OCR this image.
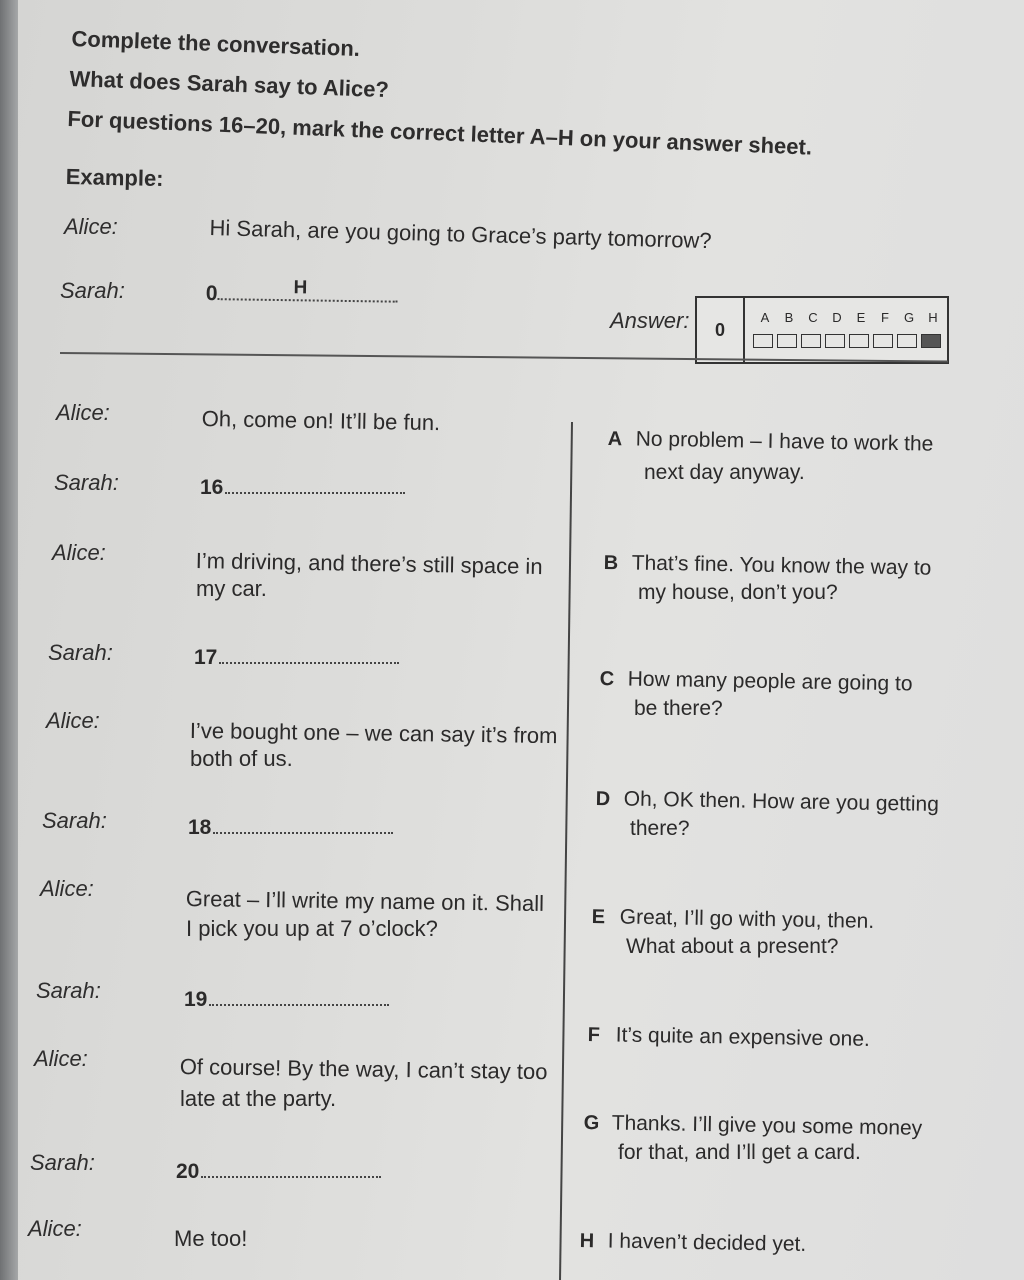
Complete the conversation.
What does Sarah say to Alice?
For questions 16–20, mark the correct letter A–H on your answer sheet.
Example:
Alice:	Hi Sarah, are you going to Grace’s party tomorrow?
Sarah:	0	H
Answer:	0
A B C D E F G H

Alice:	Oh, come on! It’ll be fun.
Sarah:	16
Alice:	I’m driving, and there’s still space in
my car.
Sarah:	17
Alice:	I’ve bought one – we can say it’s from
both of us.
Sarah:	18
Alice:	Great – I’ll write my name on it. Shall
I pick you up at 7 o’clock?
Sarah:	19
Alice:	Of course! By the way, I can’t stay too
late at the party.
Sarah:	20
Alice:	Me too!
A No problem – I have to work the
next day anyway.
B That’s fine. You know the way to
my house, don’t you?
C How many people are going to
be there?
D Oh, OK then. How are you getting
there?
E Great, I’ll go with you, then.
What about a present?
F It’s quite an expensive one.
G Thanks. I’ll give you some money
for that, and I’ll get a card.
H I haven’t decided yet.
